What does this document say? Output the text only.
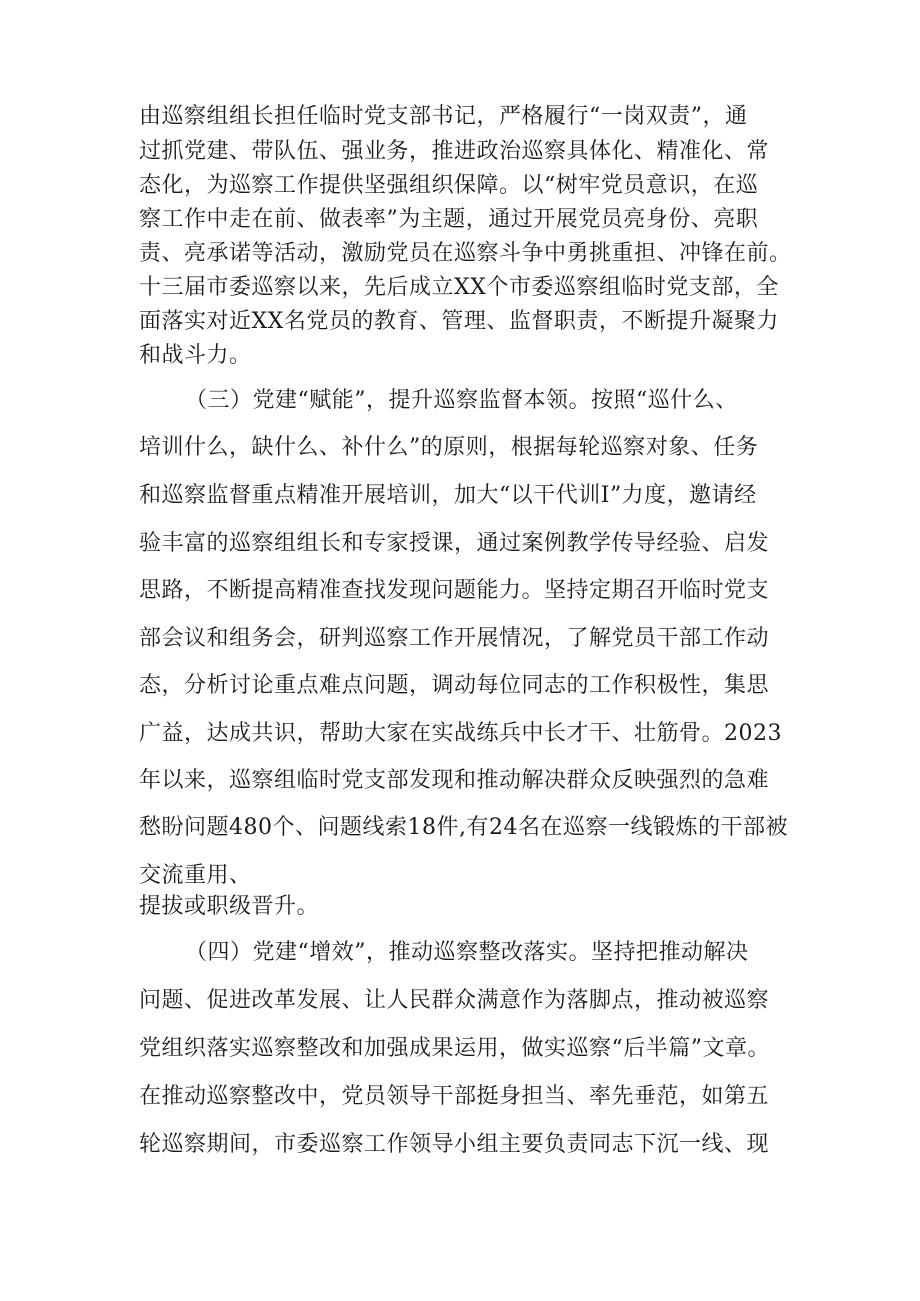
由巡察组组长担任临时党支部书记，严格履行“一岗双责”，通
过抓党建、带队伍、强业务，推进政治巡察具体化、精准化、常
态化，为巡察工作提供坚强组织保障。以“树牢党员意识，在巡
察工作中走在前、做表率”为主题，通过开展党员亮身份、亮职
责、亮承诺等活动，激励党员在巡察斗争中勇挑重担、冲锋在前。
十三届市委巡察以来，先后成立XX个市委巡察组临时党支部，全
面落实对近XX名党员的教育、管理、监督职责，不断提升凝聚力
和战斗力。
（三）党建“赋能”，提升巡察监督本领。按照“巡什么、
培训什么，缺什么、补什么”的原则，根据每轮巡察对象、任务
和巡察监督重点精准开展培训，加大“以干代训I”力度，邀请经
验丰富的巡察组组长和专家授课，通过案例教学传导经验、启发
思路，不断提高精准查找发现问题能力。坚持定期召开临时党支
部会议和组务会，研判巡察工作开展情况，了解党员干部工作动
态，分析讨论重点难点问题，调动每位同志的工作积极性，集思
广益，达成共识，帮助大家在实战练兵中长才干、壮筋骨。2023
年以来，巡察组临时党支部发现和推动解决群众反映强烈的急难
愁盼问题480个、问题线索18件,有24名在巡察一线锻炼的干部被
交流重用、
提拔或职级晋升。
（四）党建“增效”，推动巡察整改落实。坚持把推动解决
问题、促进改革发展、让人民群众满意作为落脚点，推动被巡察
党组织落实巡察整改和加强成果运用，做实巡察“后半篇”文章。
在推动巡察整改中，党员领导干部挺身担当、率先垂范，如第五
轮巡察期间，市委巡察工作领导小组主要负责同志下沉一线、现
